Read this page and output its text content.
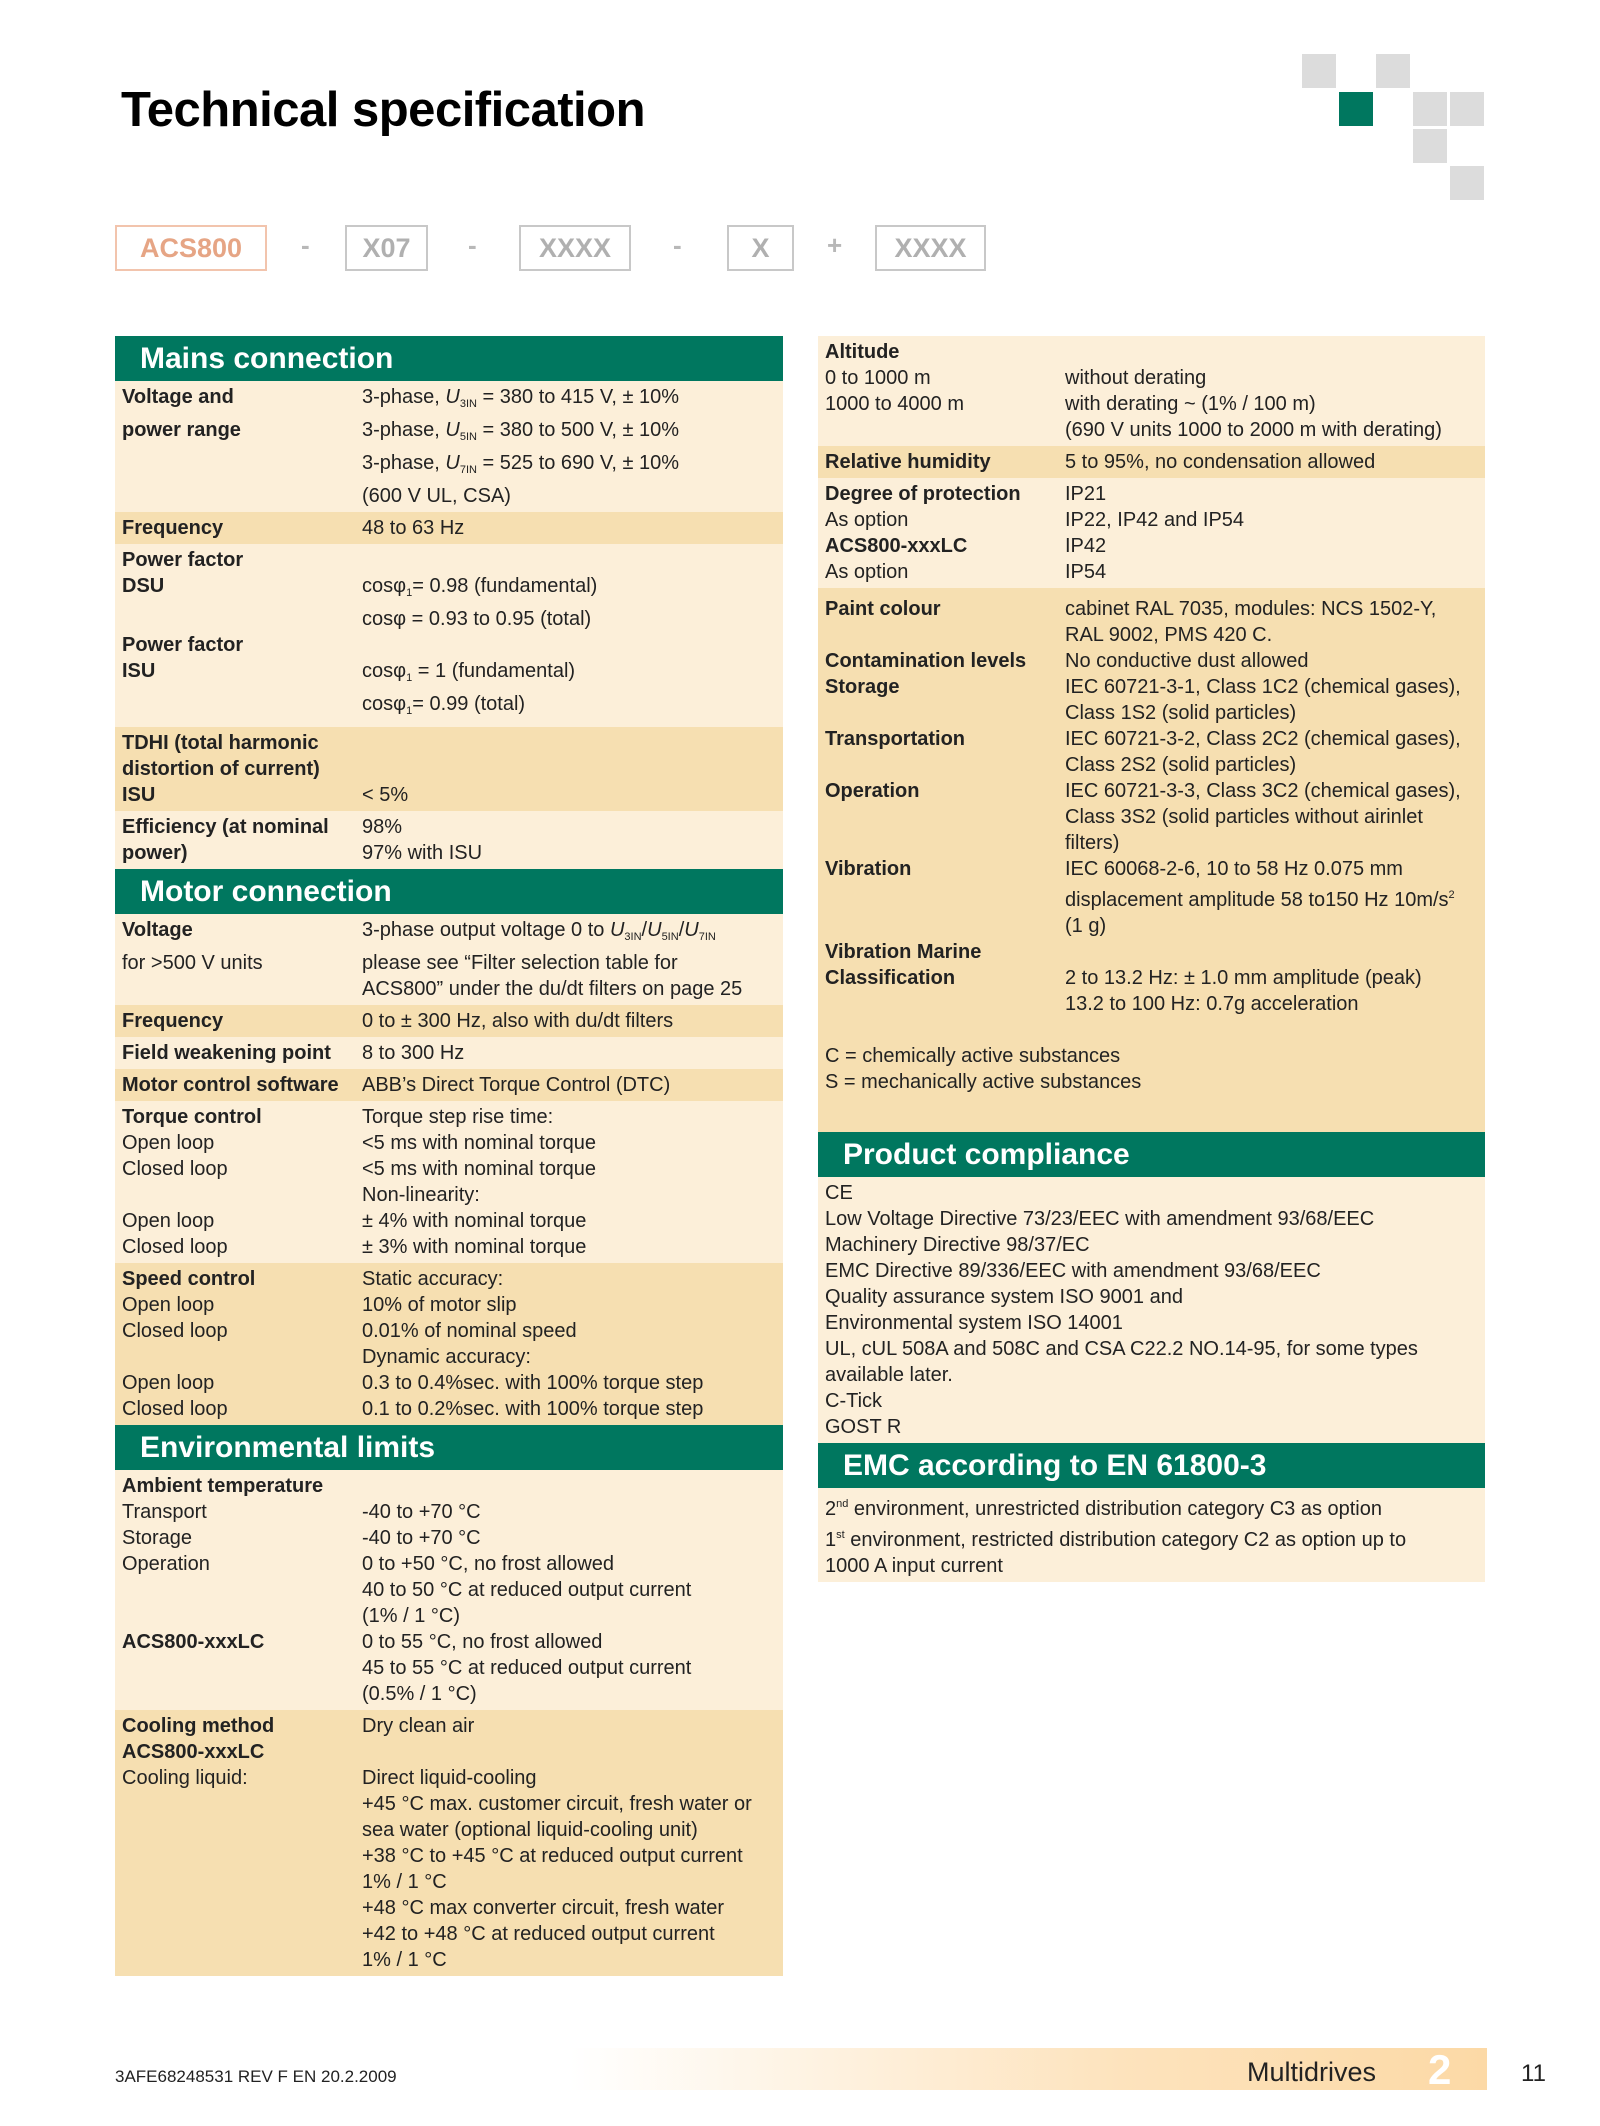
Technical specification
ACS800	-	X07	-	XXXX	-	X	+	XXXX
Mains connection
Voltage and	3-phase, $U_{3IN} = 380$ to 415 V, ± 10%
power range	3-phase, $U_{5IN} = 380$ to 500 V, ± 10%
3-phase, $U_{7IN} = 525$ to 690 V, ± 10%
(600 V UL, CSA)
Frequency	48 to 63 Hz
Power factor
DSU	cosφ$_1$= 0.98 (fundamental)
cosφ = 0.93 to 0.95 (total)
Power factor
ISU	cosφ$_1$ = 1 (fundamental)
cosφ$_1$= 0.99 (total)
TDHI (total harmonic
distortion of current)
ISU	< 5%
Efficiency (at nominal	98%
power)	97% with ISU
Motor connection
Voltage	3-phase output voltage 0 to $U_{3IN}/U_{5IN}/U_{7IN}$
for >500 V units	please see “Filter selection table for
ACS800” under the du/dt filters on page 25
Frequency	0 to ± 300 Hz, also with du/dt filters
Field weakening point	8 to 300 Hz
Motor control software	ABB’s Direct Torque Control (DTC)
Torque control	Torque step rise time:
Open loop	<5 ms with nominal torque
Closed loop	<5 ms with nominal torque
Non-linearity:
Open loop	± 4% with nominal torque
Closed loop	± 3% with nominal torque
Speed control	Static accuracy:
Open loop	10% of motor slip
Closed loop	0.01% of nominal speed
Dynamic accuracy:
Open loop	0.3 to 0.4%sec. with 100% torque step
Closed loop	0.1 to 0.2%sec. with 100% torque step
Environmental limits
Ambient temperature
Transport	-40 to +70 °C
Storage	-40 to +70 °C
Operation	0 to +50 °C, no frost allowed
40 to 50 °C at reduced output current
(1% / 1 °C)
ACS800-xxxLC	0 to 55 °C, no frost allowed
45 to 55 °C at reduced output current
(0.5% / 1 °C)
Cooling method	Dry clean air
ACS800-xxxLC
Cooling liquid:	Direct liquid-cooling
+45 °C max. customer circuit, fresh water or
sea water (optional liquid-cooling unit)
+38 °C to +45 °C at reduced output current
1% / 1 °C
+48 °C max converter circuit, fresh water
+42 to +48 °C at reduced output current
1% / 1 °C
Altitude
0 to 1000 m	without derating
1000 to 4000 m	with derating ~ (1% / 100 m)
(690 V units 1000 to 2000 m with derating)
Relative humidity	5 to 95%, no condensation allowed
Degree of protection	IP21
As option	IP22, IP42 and IP54
ACS800-xxxLC	IP42
As option	IP54
Paint colour	cabinet RAL 7035, modules: NCS 1502-Y,
RAL 9002, PMS 420 C.
Contamination levels	No conductive dust allowed
Storage	IEC 60721-3-1, Class 1C2 (chemical gases),
Class 1S2 (solid particles)
Transportation	IEC 60721-3-2, Class 2C2 (chemical gases),
Class 2S2 (solid particles)
Operation	IEC 60721-3-3, Class 3C2 (chemical gases),
Class 3S2 (solid particles without airinlet
filters)
Vibration	IEC 60068-2-6, 10 to 58 Hz 0.075 mm
displacement amplitude 58 to150 Hz $10m/s^2$
(1 g)
Vibration Marine
Classification	2 to 13.2 Hz: ± 1.0 mm amplitude (peak)
13.2 to 100 Hz: 0.7g acceleration
C = chemically active substances
S = mechanically active substances
Product compliance
CE
Low Voltage Directive 73/23/EEC with amendment 93/68/EEC
Machinery Directive 98/37/EC
EMC Directive 89/336/EEC with amendment 93/68/EEC
Quality assurance system ISO 9001 and
Environmental system ISO 14001
UL, cUL 508A and 508C and CSA C22.2 NO.14-95, for some types
available later.
C-Tick
GOST R
EMC according to EN 61800-3
2nd environment, unrestricted distribution category C3 as option
1st environment, restricted distribution category C2 as option up to
1000 A input current
3AFE68248531 REV F EN 20.2.2009	Multidrives 2	11
